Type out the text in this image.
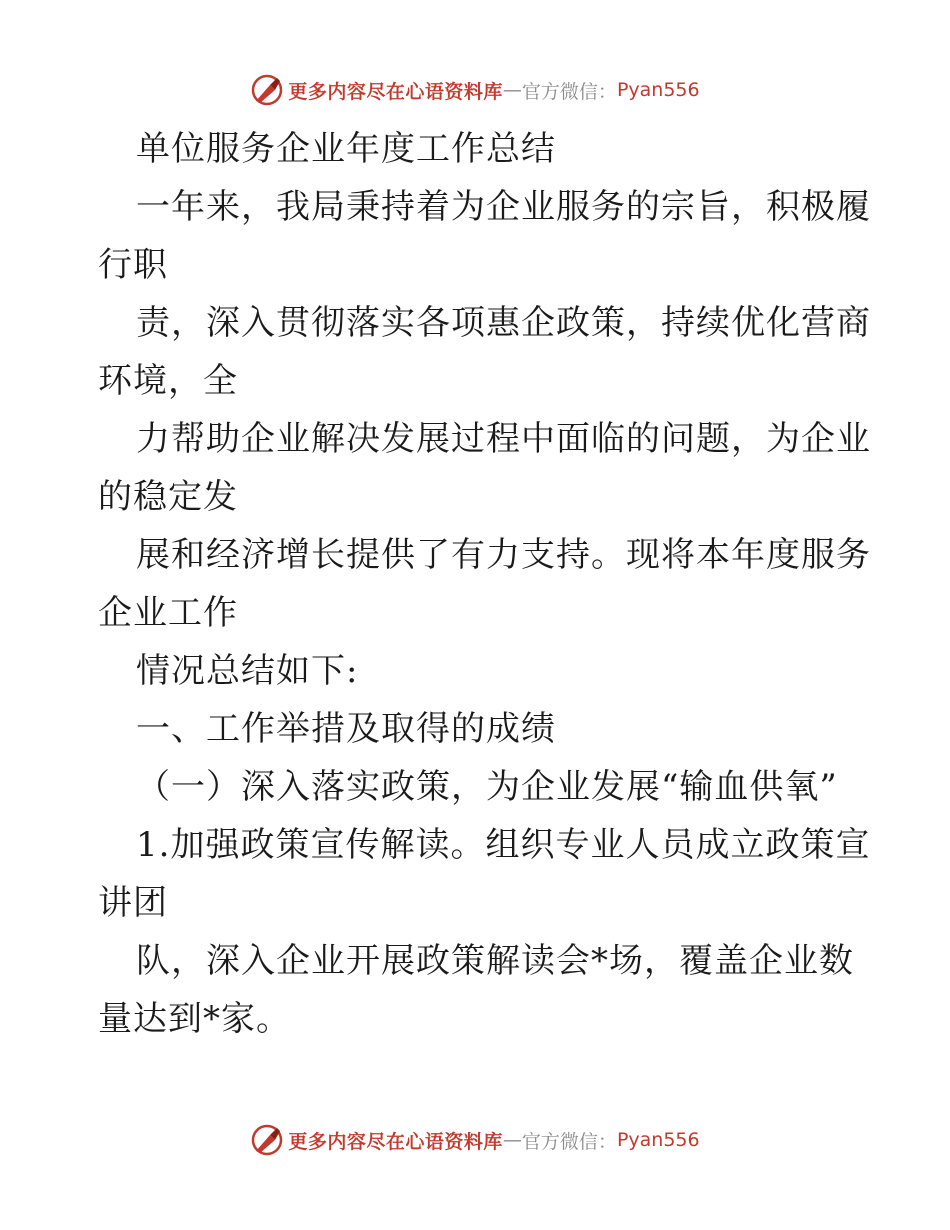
更多内容尽在心语资料库 — 官方微信： Pyan556
单位服务企业年度工作总结
一年来，我局秉持着为企业服务的宗旨，积极履
行职
责，深入贯彻落实各项惠企政策，持续优化营商
环境，全
力帮助企业解决发展过程中面临的问题，为企业
的稳定发
展和经济增长提供了有力支持。现将本年度服务
企业工作
情况总结如下:
一、工作举措及取得的成绩
（一）深入落实政策，为企业发展“输血供氧”
1.加强政策宣传解读。组织专业人员成立政策宣
讲团
队，深入企业开展政策解读会*场，覆盖企业数
量达到*家。
更多内容尽在心语资料库 — 官方微信： Pyan556
